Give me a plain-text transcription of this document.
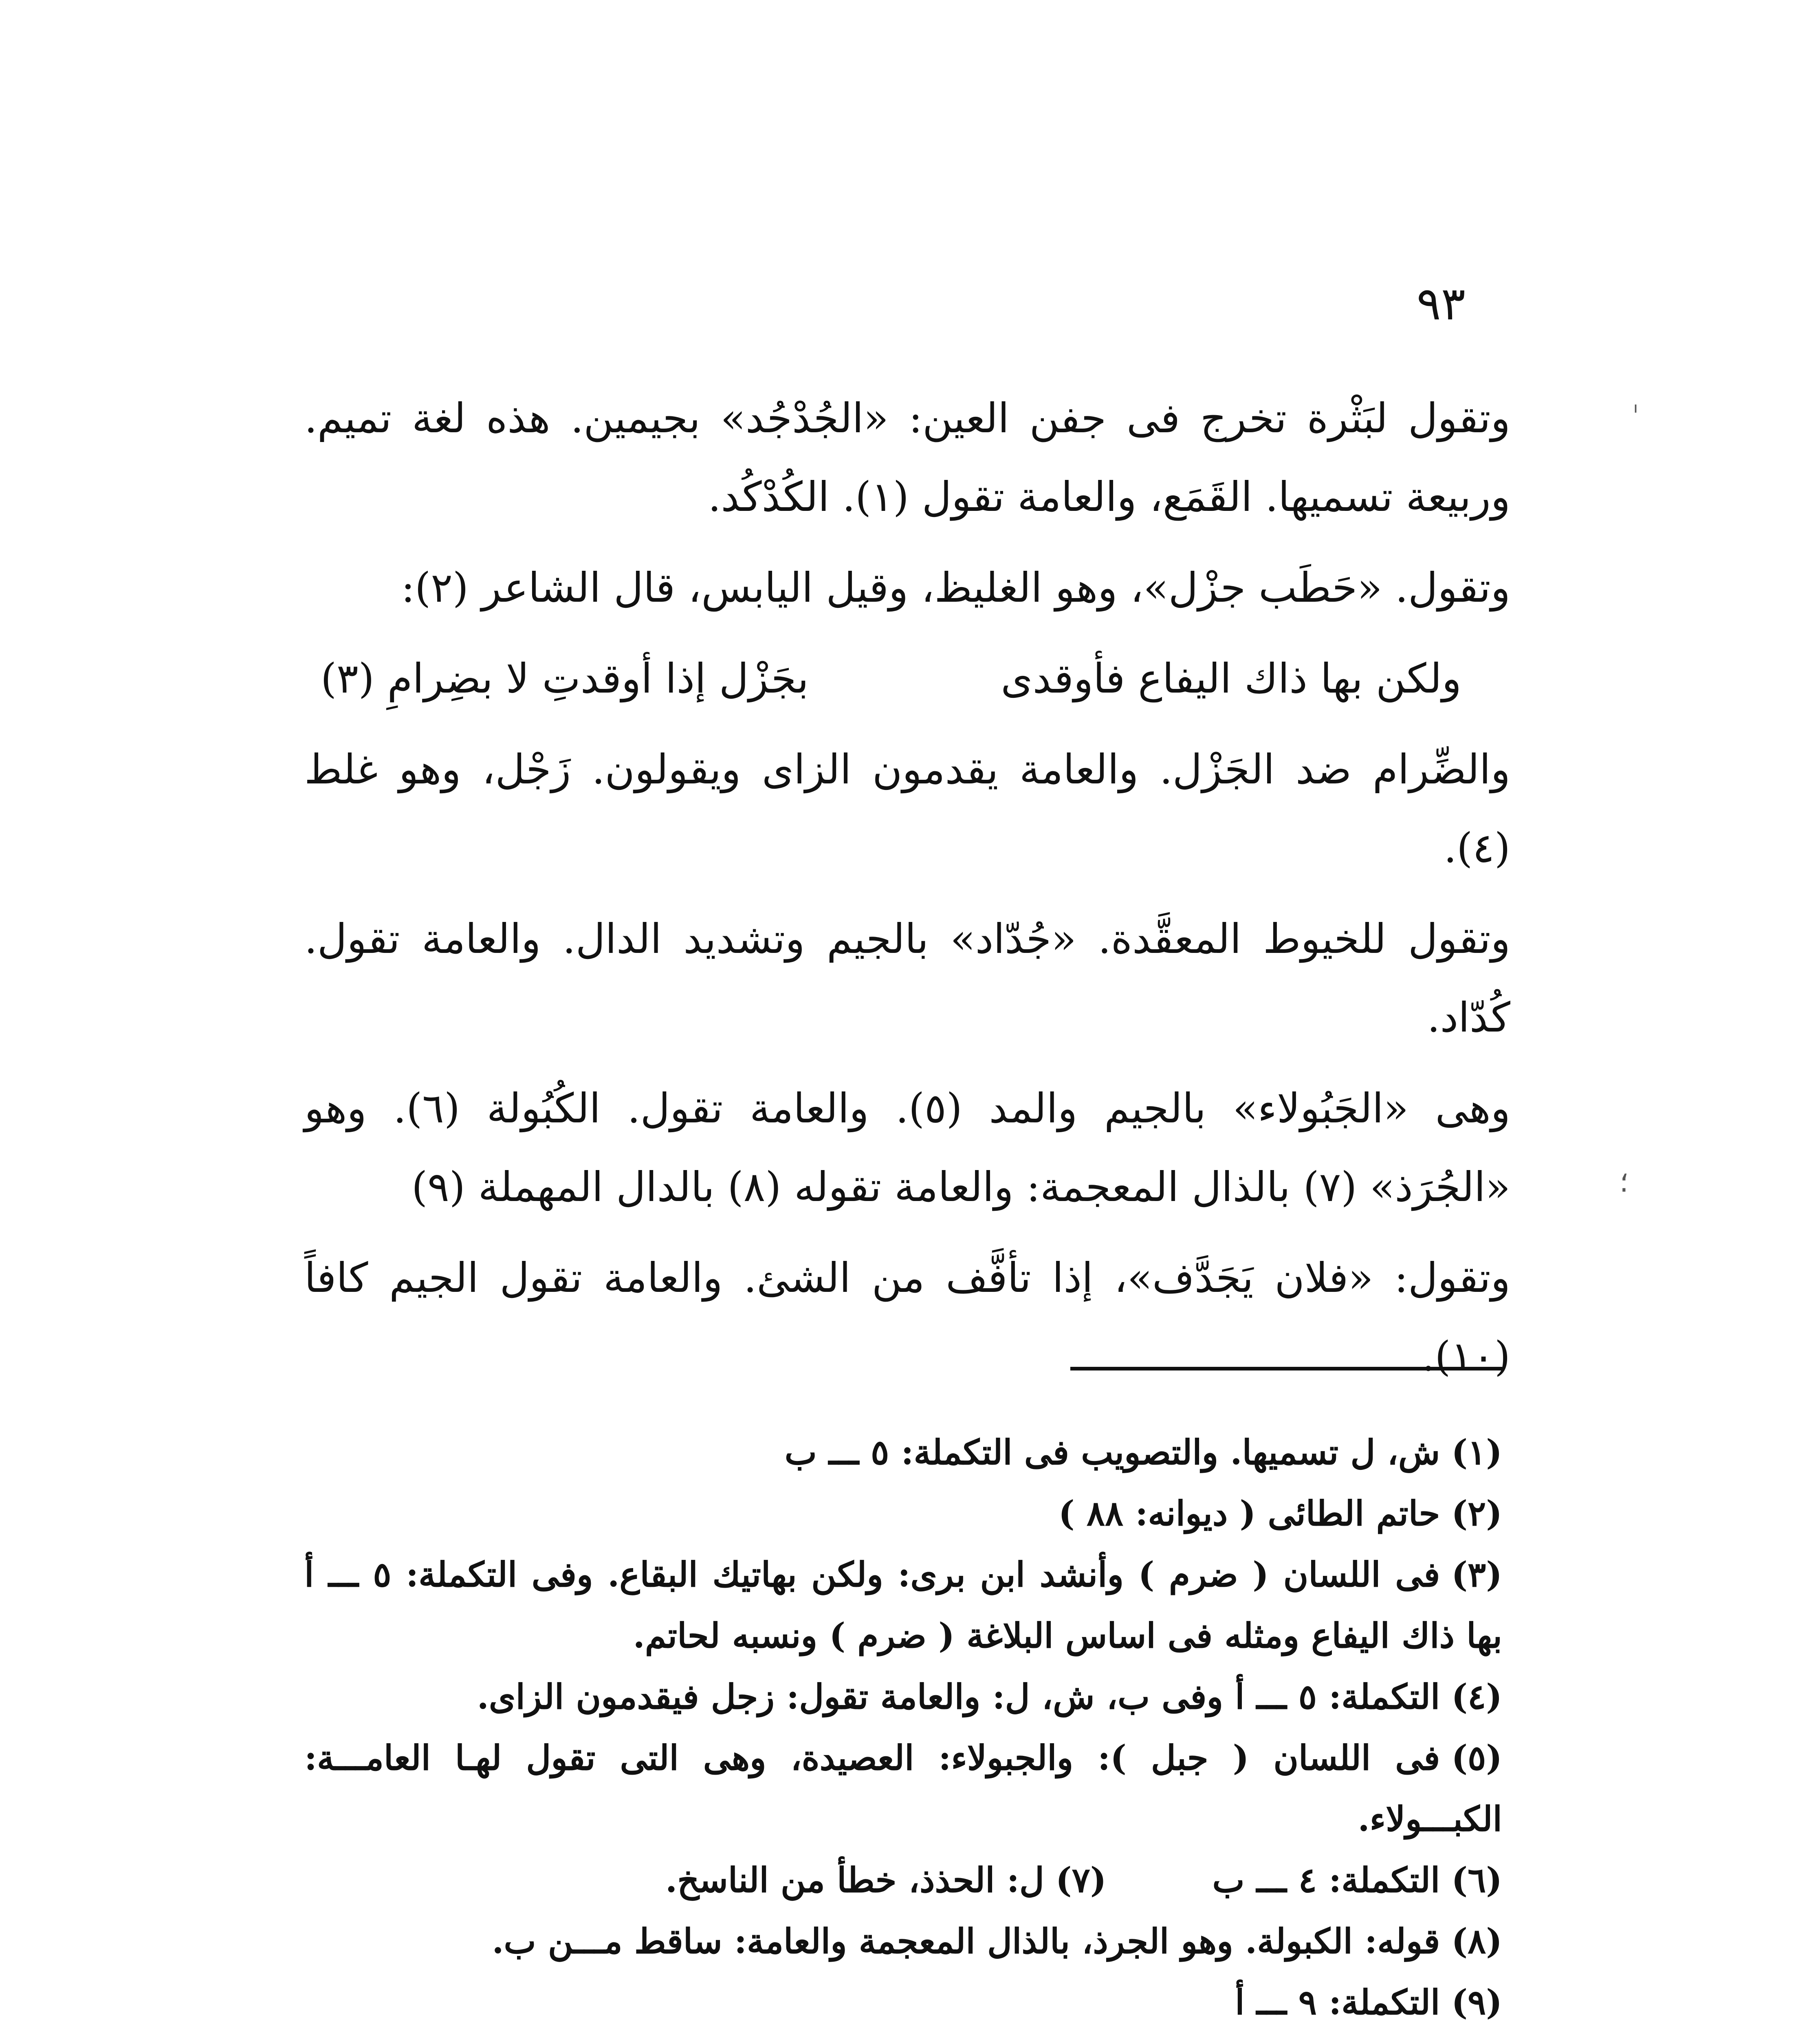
٩٣
؛

وتقول لبَثْرة تخرج فى جفن العين: «الجُدْجُد» بجيمين. هذه لغة تميم. وربيعة تسميها. القَمَع، والعامة تقول (١). الكُدْكُد.

وتقول. «حَطَب جزْل»، وهو الغليظ، وقيل اليابس، قال الشاعر (٢):

ولكن بها ذاك اليفاع فأوقدى
بجَزْل إذا أوقدتِ لا بضِرامِ (٣)

والضِّرام ضد الجَزْل. والعامة يقدمون الزاى ويقولون. زَجْل، وهو غلط (٤).

وتقول للخيوط المعقَّدة. «جُدّاد» بالجيم وتشديد الدال. والعامة تقول. كُدّاد.

وهى «الجَبُولاء» بالجيم والمد (٥). والعامة تقول. الكُبُولة (٦). وهو «الجُرَذ» (٧) بالذال المعجمة: والعامة تقوله (٨) بالدال المهملة (٩)

وتقول: «فلان يَجَدَّف»، إذا تأفَّف من الشئ. والعامة تقول الجيم كافاً (١٠).

(١)ش، ل تسميها. والتصويب فى التكملة: ٥ ـــ ب

(٢)حاتم الطائى ( ديوانه: ٨٨ )

(٣)فى اللسان ( ضرم ) وأنشد ابن برى: ولكن بهاتيك البقاع. وفى التكملة: ٥ ـــ أ بها ذاك اليفاع ومثله فى اساس البلاغة ( ضرم ) ونسبه لحاتم.

(٤)التكملة: ٥ ـــ أ وفى ب، ش، ل: والعامة تقول: زجل فيقدمون الزاى.

(٥)فى اللسان ( جبل ): والجبولاء: العصيدة، وهى التى تقول لهـا العامـــة: الكبـــولاء.

(٦)التكملة: ٤ ـــ ب
(٧)ل: الحذذ، خطأ من الناسخ.

(٨)قوله: الكبولة. وهو الجرذ، بالذال المعجمة والعامة: ساقط مـــن ب.

(٩)التكملة: ٩ ـــ أ
